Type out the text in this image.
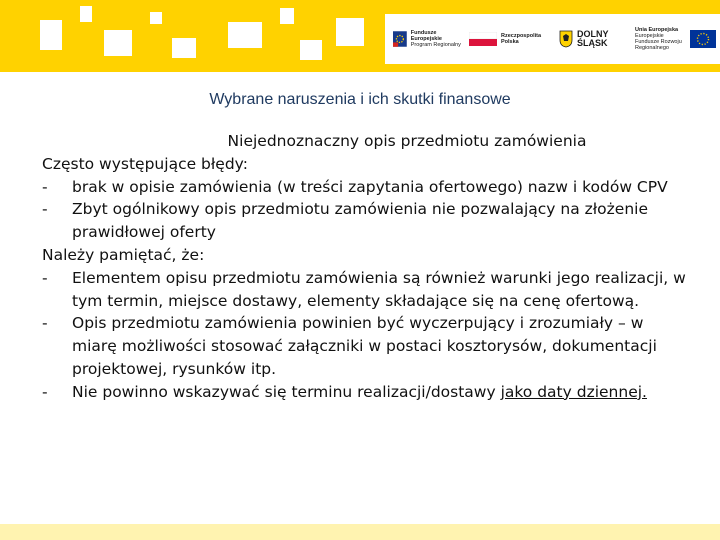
Fundusze Europejskie
Program Regionalny
Rzeczpospolita Polska
DOLNY ŚLĄSK
Unia Europejska
Europejskie Fundusze Rozwoju Regionalnego
Wybrane naruszenia i ich skutki finansowe
Niejednoznaczny opis przedmiotu zamówienia
Często występujące błędy:
-	brak w opisie zamówienia (w treści zapytania ofertowego) nazw i kodów CPV
-	Zbyt ogólnikowy opis przedmiotu zamówienia nie pozwalający na złożenie prawidłowej oferty
Należy pamiętać, że:
-	Elementem opisu przedmiotu zamówienia są również warunki jego realizacji, w tym termin, miejsce dostawy, elementy składające się na cenę ofertową.
-	Opis przedmiotu zamówienia powinien być wyczerpujący i zrozumiały – w miarę możliwości stosować załączniki w postaci kosztorysów, dokumentacji projektowej, rysunków itp.
-	Nie powinno wskazywać się terminu realizacji/dostawy jako daty dziennej.
